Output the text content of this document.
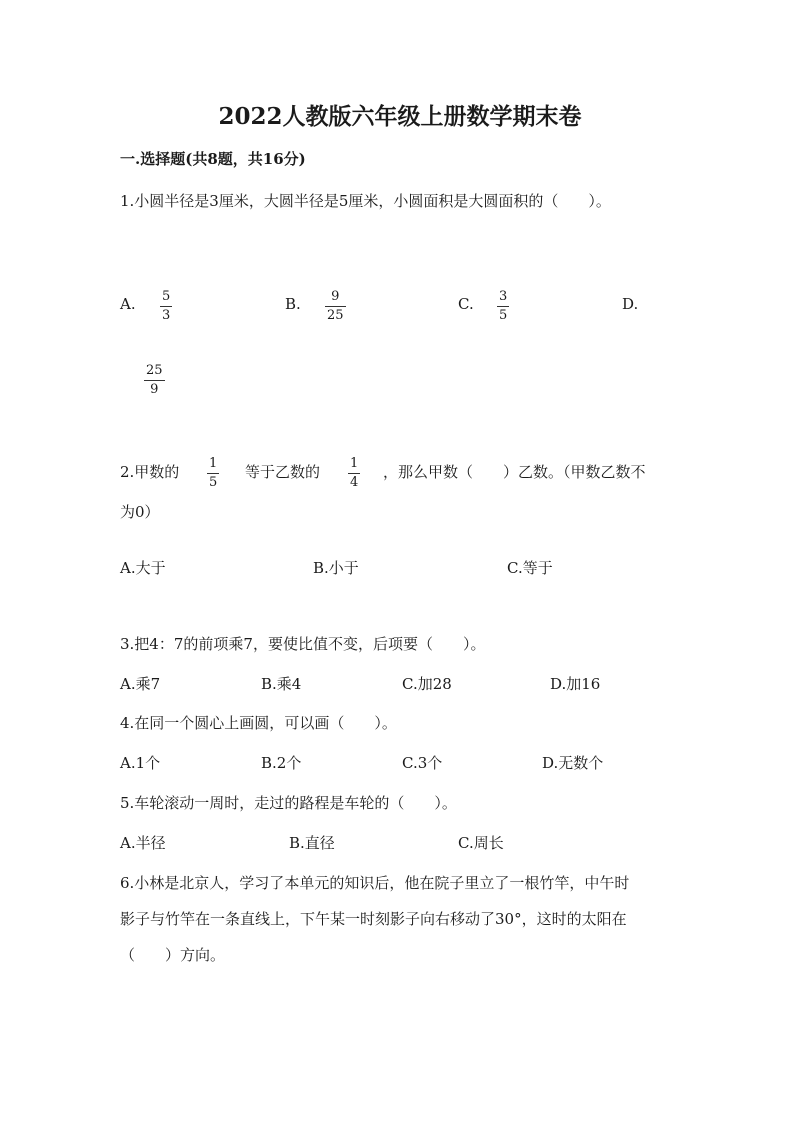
2022人教版六年级上册数学期末卷
一.选择题(共8题，共16分)
1.小圆半径是3厘米，大圆半径是5厘米，小圆面积是大圆面积的（　　）。
A. 5
3
B. 9
25
C. 3
5
D.
25
9
2.甲数的 1
5
等于乙数的 1
4
，那么甲数（　　）乙数。（甲数乙数不
为0）
A.大于	B.小于	C.等于
3.把4：7的前项乘7，要使比值不变，后项要（　　）。
A.乘7	B.乘4	C.加28	D.加16
4.在同一个圆心上画圆，可以画（　　）。
A.1个	B.2个	C.3个	D.无数个
5.车轮滚动一周时，走过的路程是车轮的（　　）。
A.半径	B.直径	C.周长
6.小林是北京人，学习了本单元的知识后，他在院子里立了一根竹竿，中午时
影子与竹竿在一条直线上，下午某一时刻影子向右移动了30°，这时的太阳在
（　　）方向。
